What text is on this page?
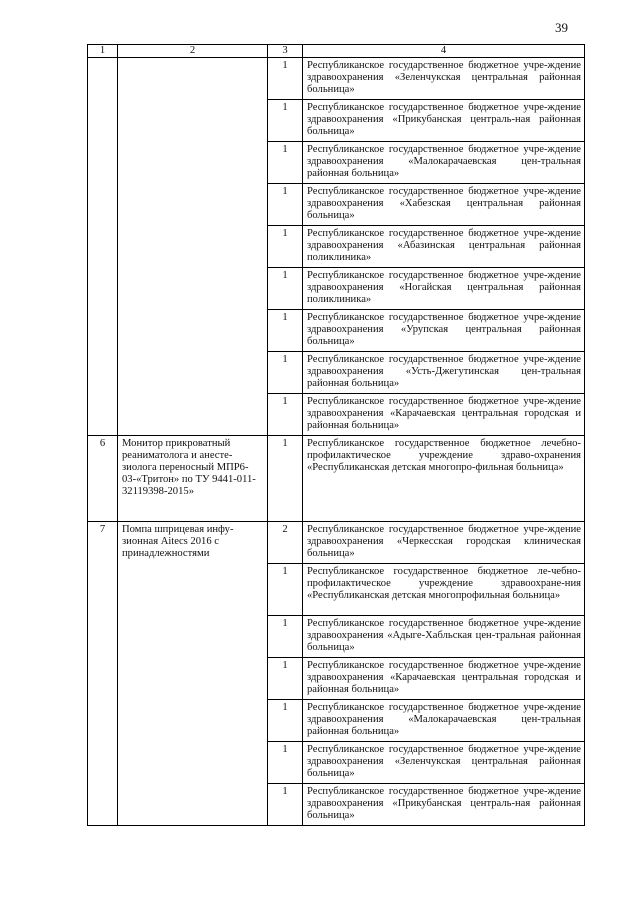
39
1	2	3	4
		1	Республиканское государственное бюджетное учре-ждение здравоохранения «Зеленчукская центральная районная больница»
		1	Республиканское государственное бюджетное учре-ждение здравоохранения «Прикубанская централь-ная районная больница»
		1	Республиканское государственное бюджетное учре-ждение здравоохранения «Малокарачаевская цен-тральная районная больница»
		1	Республиканское государственное бюджетное учре-ждение здравоохранения «Хабезская центральная районная больница»
		1	Республиканское государственное бюджетное учре-ждение здравоохранения «Абазинская центральная районная поликлиника»
		1	Республиканское государственное бюджетное учре-ждение здравоохранения «Ногайская центральная районная поликлиника»
		1	Республиканское государственное бюджетное учре-ждение здравоохранения «Урупская центральная районная больница»
		1	Республиканское государственное бюджетное учре-ждение здравоохранения «Усть-Джегутинская цен-тральная районная больница»
		1	Республиканское государственное бюджетное учре-ждение здравоохранения «Карачаевская центральная городская и районная больница»
6	Монитор прикроватный реаниматолога и анесте-зиолога переносный МПР6-03-«Тритон» по ТУ 9441-011-32119398-2015»	1	Республиканское государственное бюджетное лечебно-профилактическое учреждение здраво-охранения «Республиканская детская многопро-фильная больница»
7	Помпа шприцевая инфу-зионная Aitecs 2016 с принадлежностями	2	Республиканское государственное бюджетное учре-ждение здравоохранения «Черкесская городская клиническая больница»
		1	Республиканское государственное бюджетное ле-чебно-профилактическое учреждение здравоохране-ния «Республиканская детская многопрофильная больница»
		1	Республиканское государственное бюджетное учре-ждение здравоохранения «Адыге-Хабльская цен-тральная районная больница»
		1	Республиканское государственное бюджетное учре-ждение здравоохранения «Карачаевская центральная городская и районная больница»
		1	Республиканское государственное бюджетное учре-ждение здравоохранения «Малокарачаевская цен-тральная районная больница»
		1	Республиканское государственное бюджетное учре-ждение здравоохранения «Зеленчукская центральная районная больница»
		1	Республиканское государственное бюджетное учре-ждение здравоохранения «Прикубанская централь-ная районная больница»
